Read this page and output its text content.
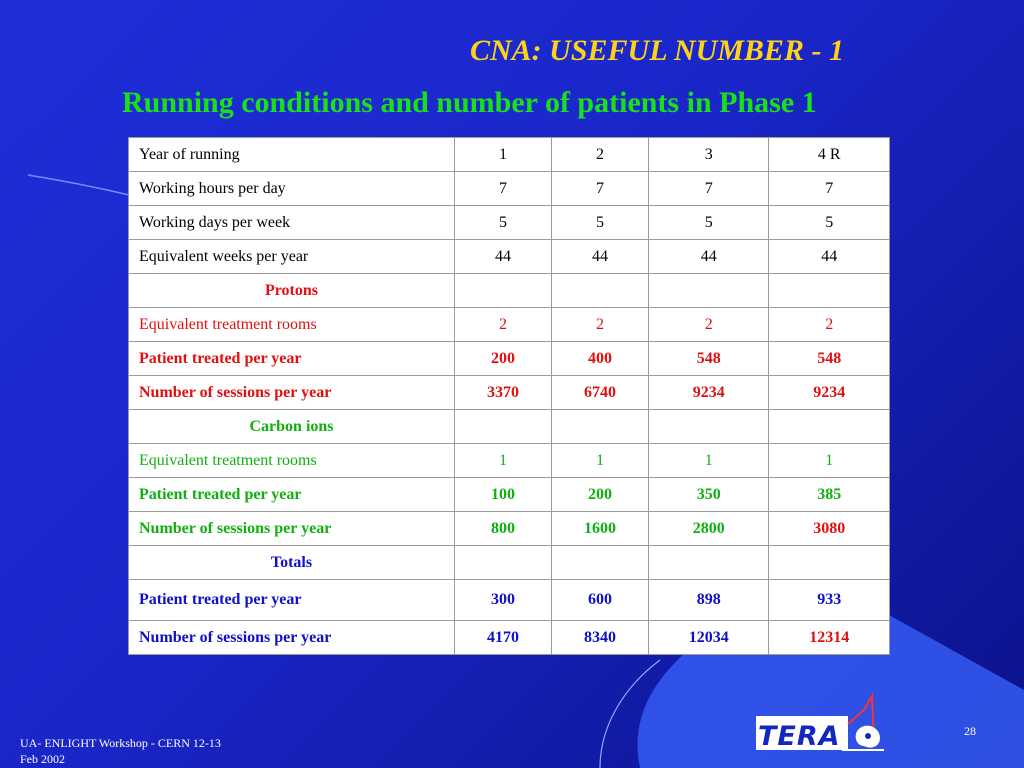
CNA: USEFUL NUMBER - 1
Running conditions and number of patients in Phase 1
Year of running	1	2	3	4 R
Working hours per day	7	7	7	7
Working days per week	5	5	5	5
Equivalent weeks per year	44	44	44	44
Protons				
Equivalent treatment rooms	2	2	2	2
Patient treated per year	200	400	548	548
Number of sessions per year	3370	6740	9234	9234
Carbon ions				
Equivalent treatment rooms	1	1	1	1
Patient treated per year	100	200	350	385
Number of sessions per year	800	1600	2800	3080
Totals				
Patient treated per year	300	600	898	933
Number of sessions per year	4170	8340	12034	12314
UA- ENLIGHT Workshop - CERN 12-13
Feb 2002
28
TERA
